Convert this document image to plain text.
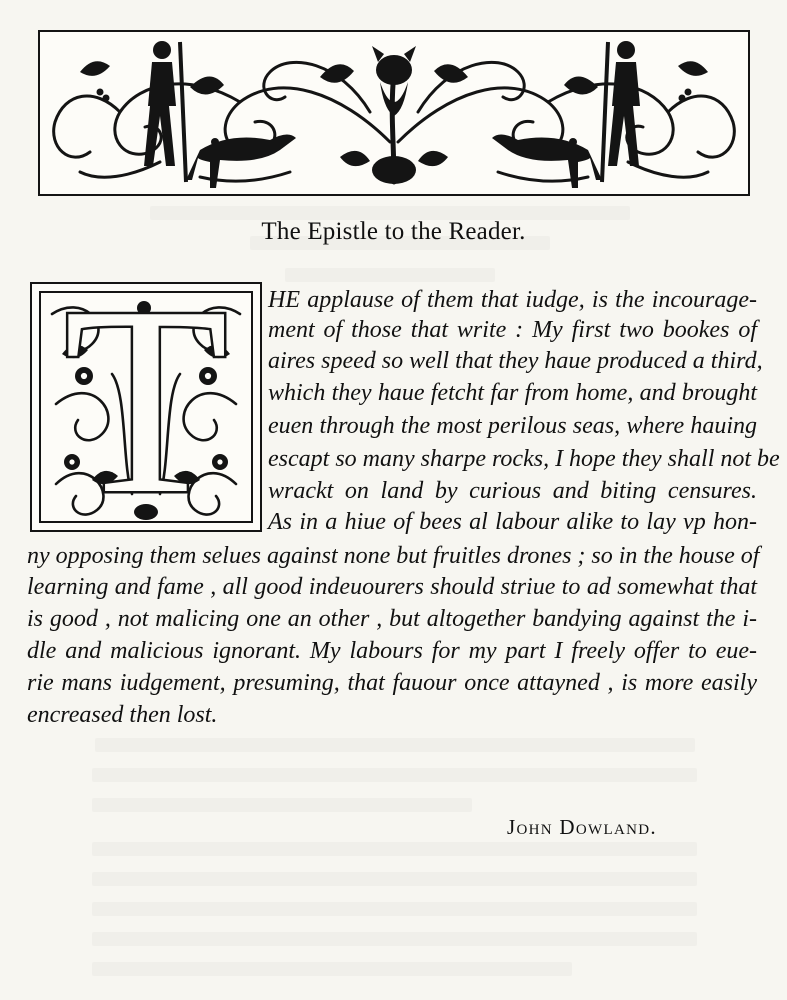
The Epistle to the Reader.
T	HE applause of them that iudge, is the incourage-
ment of those that write : My first two bookes of
aires speed so well that they haue produced a third,
which they haue fetcht far from home, and brought
euen through the most perilous seas, where hauing
escapt so many sharpe rocks, I hope they shall not be
wrackt on land by curious and biting censures.
As in a hiue of bees al labour alike to lay vp hon-
ny opposing them selues against none but fruitles drones ; so in the house of
learning and fame , all good indeuourers should striue to ad somewhat that
is good , not malicing one an other , but altogether bandying against the i-
dle and malicious ignorant. My labours for my part I freely offer to eue-
rie mans iudgement, presuming, that fauour once attayned , is more easily
encreased then lost.
John Dowland.
